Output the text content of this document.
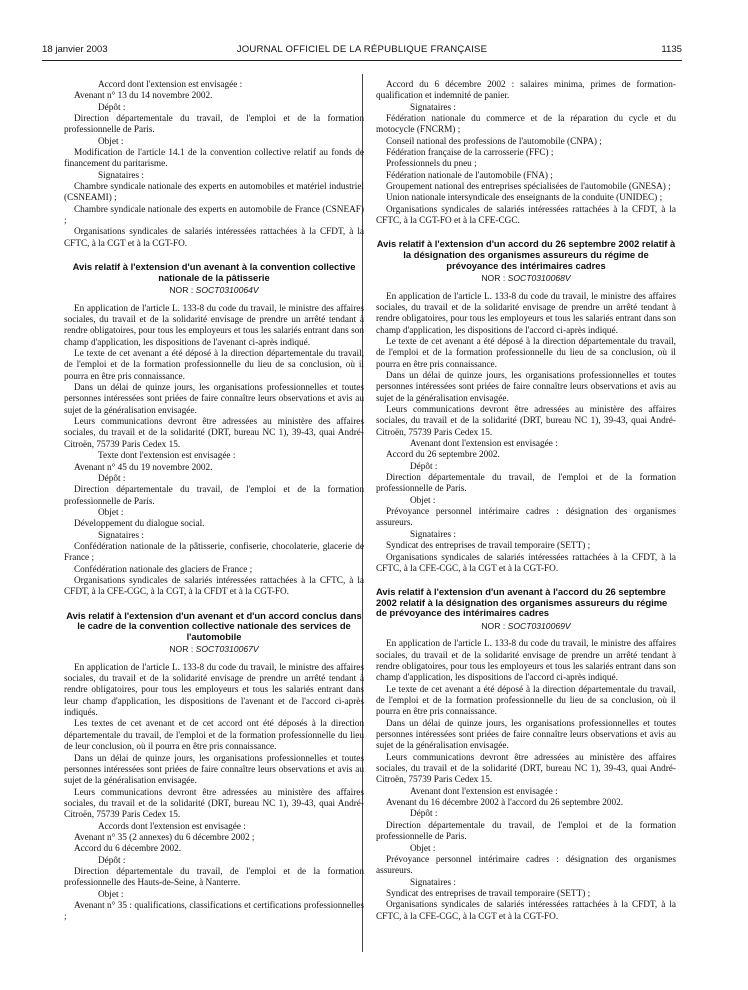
18 janvier 2003	JOURNAL OFFICIEL DE LA RÉPUBLIQUE FRANÇAISE	1135
Accord dont l'extension est envisagée :
Avenant n° 13 du 14 novembre 2002.
Dépôt :
Direction départementale du travail, de l'emploi et de la formation professionnelle de Paris.
Objet :
Modification de l'article 14.1 de la convention collective relatif au fonds de financement du paritarisme.
Signataires :
Chambre syndicale nationale des experts en automobiles et matériel industriel (CSNEAMI) ;
Chambre syndicale nationale des experts en automobile de France (CSNEAF) ;
Organisations syndicales de salariés intéressées rattachées à la CFDT, à la CFTC, à la CGT et à la CGT-FO.
Avis relatif à l'extension d'un avenant à la convention collective nationale de la pâtisserie
NOR : SOCT0310064V
En application de l'article L. 133-8 du code du travail, le ministre des affaires sociales, du travail et de la solidarité envisage de prendre un arrêté tendant à rendre obligatoires, pour tous les employeurs et tous les salariés entrant dans son champ d'application, les dispositions de l'avenant ci-après indiqué.
Le texte de cet avenant a été déposé à la direction départementale du travail, de l'emploi et de la formation professionnelle du lieu de sa conclusion, où il pourra en être pris connaissance.
Dans un délai de quinze jours, les organisations professionnelles et toutes personnes intéressées sont priées de faire connaître leurs observations et avis au sujet de la généralisation envisagée.
Leurs communications devront être adressées au ministère des affaires sociales, du travail et de la solidarité (DRT, bureau NC 1), 39-43, quai André-Citroën, 75739 Paris Cedex 15.
Texte dont l'extension est envisagée :
Avenant n° 45 du 19 novembre 2002.
Dépôt :
Direction départementale du travail, de l'emploi et de la formation professionnelle de Paris.
Objet :
Développement du dialogue social.
Signataires :
Confédération nationale de la pâtisserie, confiserie, chocolaterie, glacerie de France ;
Confédération nationale des glaciers de France ;
Organisations syndicales de salariés intéressées rattachées à la CFTC, à la CFDT, à la CFE-CGC, à la CGT, à la CFDT et à la CGT-FO.
Avis relatif à l'extension d'un avenant et d'un accord conclus dans le cadre de la convention collective nationale des services de l'automobile
NOR : SOCT0310067V
En application de l'article L. 133-8 du code du travail, le ministre des affaires sociales, du travail et de la solidarité envisage de prendre un arrêté tendant à rendre obligatoires, pour tous les employeurs et tous les salariés entrant dans leur champ d'application, les dispositions de l'avenant et de l'accord ci-après indiqués.
Les textes de cet avenant et de cet accord ont été déposés à la direction départementale du travail, de l'emploi et de la formation professionnelle du lieu de leur conclusion, où il pourra en être pris connaissance.
Dans un délai de quinze jours, les organisations professionnelles et toutes personnes intéressées sont priées de faire connaître leurs observations et avis au sujet de la généralisation envisagée.
Leurs communications devront être adressées au ministère des affaires sociales, du travail et de la solidarité (DRT, bureau NC 1), 39-43, quai André-Citroën, 75739 Paris Cedex 15.
Accords dont l'extension est envisagée :
Avenant n° 35 (2 annexes) du 6 décembre 2002 ;
Accord du 6 décembre 2002.
Dépôt :
Direction départementale du travail, de l'emploi et de la formation professionnelle des Hauts-de-Seine, à Nanterre.
Objet :
Avenant n° 35 : qualifications, classifications et certifications professionnelles ;
Accord du 6 décembre 2002 : salaires minima, primes de formation-qualification et indemnité de panier.
Signataires :
Fédération nationale du commerce et de la réparation du cycle et du motocycle (FNCRM) ;
Conseil national des professions de l'automobile (CNPA) ;
Fédération française de la carrosserie (FFC) ;
Professionnels du pneu ;
Fédération nationale de l'automobile (FNA) ;
Groupement national des entreprises spécialisées de l'automobile (GNESA) ;
Union nationale intersyndicale des enseignants de la conduite (UNIDEC) ;
Organisations syndicales de salariés intéressées rattachées à la CFDT, à la CFTC, à la CGT-FO et à la CFE-CGC.
Avis relatif à l'extension d'un accord du 26 septembre 2002 relatif à la désignation des organismes assureurs du régime de prévoyance des intérimaires cadres
NOR : SOCT0310068V
En application de l'article L. 133-8 du code du travail, le ministre des affaires sociales, du travail et de la solidarité envisage de prendre un arrêté tendant à rendre obligatoires, pour tous les employeurs et tous les salariés entrant dans son champ d'application, les dispositions de l'accord ci-après indiqué.
Le texte de cet avenant a été déposé à la direction départementale du travail, de l'emploi et de la formation professionnelle du lieu de sa conclusion, où il pourra en être pris connaissance.
Dans un délai de quinze jours, les organisations professionnelles et toutes personnes intéressées sont priées de faire connaître leurs observations et avis au sujet de la généralisation envisagée.
Leurs communications devront être adressées au ministère des affaires sociales, du travail et de la solidarité (DRT, bureau NC 1), 39-43, quai André-Citroën, 75739 Paris Cedex 15.
Avenant dont l'extension est envisagée :
Accord du 26 septembre 2002.
Dépôt :
Direction départementale du travail, de l'emploi et de la formation professionnelle de Paris.
Objet :
Prévoyance personnel intérimaire cadres : désignation des organismes assureurs.
Signataires :
Syndicat des entreprises de travail temporaire (SETT) ;
Organisations syndicales de salariés intéressées rattachées à la CFDT, à la CFTC, à la CFE-CGC, à la CGT et à la CGT-FO.
Avis relatif à l'extension d'un avenant à l'accord du 26 septembre 2002 relatif à la désignation des organismes assureurs du régime de prévoyance des intérimaires cadres
NOR : SOCT0310069V
En application de l'article L. 133-8 du code du travail, le ministre des affaires sociales, du travail et de la solidarité envisage de prendre un arrêté tendant à rendre obligatoires, pour tous les employeurs et tous les salariés entrant dans son champ d'application, les dispositions de l'accord ci-après indiqué.
Le texte de cet avenant a été déposé à la direction départementale du travail, de l'emploi et de la formation professionnelle du lieu de sa conclusion, où il pourra en être pris connaissance.
Dans un délai de quinze jours, les organisations professionnelles et toutes personnes intéressées sont priées de faire connaître leurs observations et avis au sujet de la généralisation envisagée.
Leurs communications devront être adressées au ministère des affaires sociales, du travail et de la solidarité (DRT, bureau NC 1), 39-43, quai André-Citroën, 75739 Paris Cedex 15.
Avenant dont l'extension est envisagée :
Avenant du 16 décembre 2002 à l'accord du 26 septembre 2002.
Dépôt :
Direction départementale du travail, de l'emploi et de la formation professionnelle de Paris.
Objet :
Prévoyance personnel intérimaire cadres : désignation des organismes assureurs.
Signataires :
Syndicat des entreprises de travail temporaire (SETT) ;
Organisations syndicales de salariés intéressées rattachées à la CFDT, à la CFTC, à la CFE-CGC, à la CGT et à la CGT-FO.
